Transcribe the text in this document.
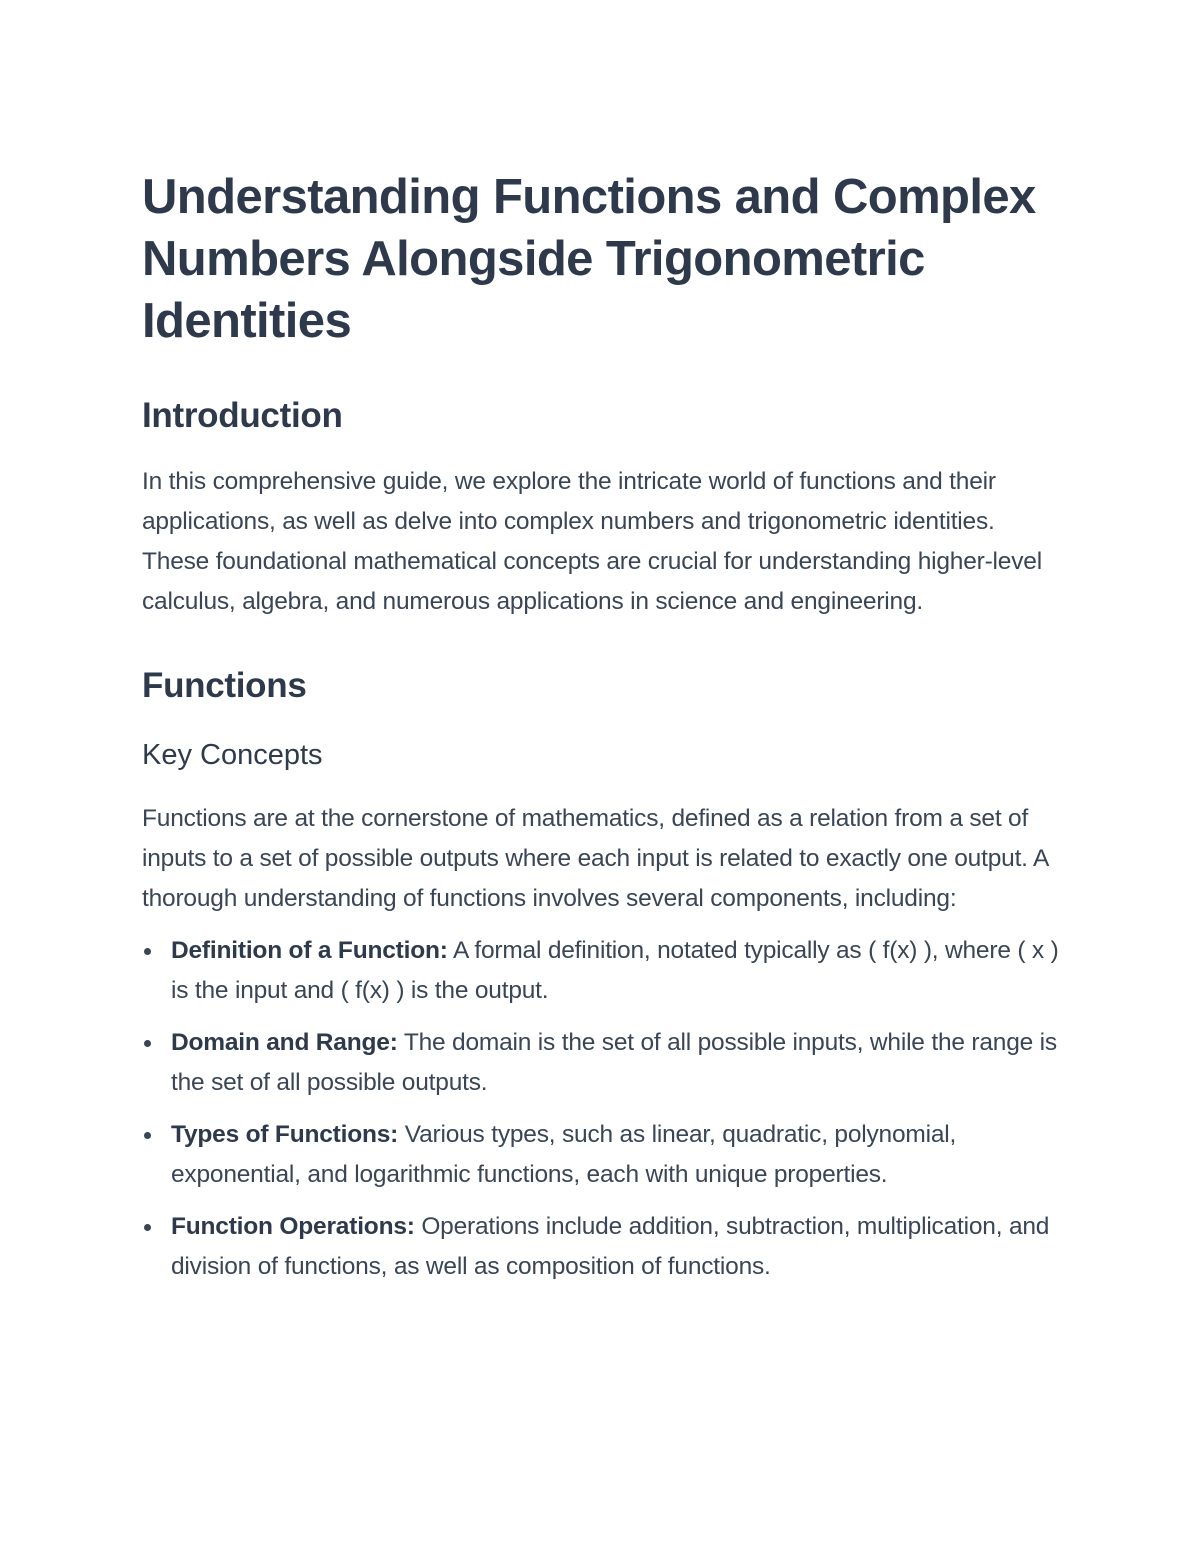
Understanding Functions and Complex Numbers Alongside Trigonometric Identities
Introduction

In this comprehensive guide, we explore the intricate world of functions and their applications, as well as delve into complex numbers and trigonometric identities. These foundational mathematical concepts are crucial for understanding higher-level calculus, algebra, and numerous applications in science and engineering.

Functions
Key Concepts

Functions are at the cornerstone of mathematics, defined as a relation from a set of inputs to a set of possible outputs where each input is related to exactly one output. A thorough understanding of functions involves several components, including:

Definition of a Function: A formal definition, notated typically as ( f(x) ), where ( x ) is the input and ( f(x) ) is the output.
Domain and Range: The domain is the set of all possible inputs, while the range is the set of all possible outputs.
Types of Functions: Various types, such as linear, quadratic, polynomial, exponential, and logarithmic functions, each with unique properties.
Function Operations: Operations include addition, subtraction, multiplication, and division of functions, as well as composition of functions.
